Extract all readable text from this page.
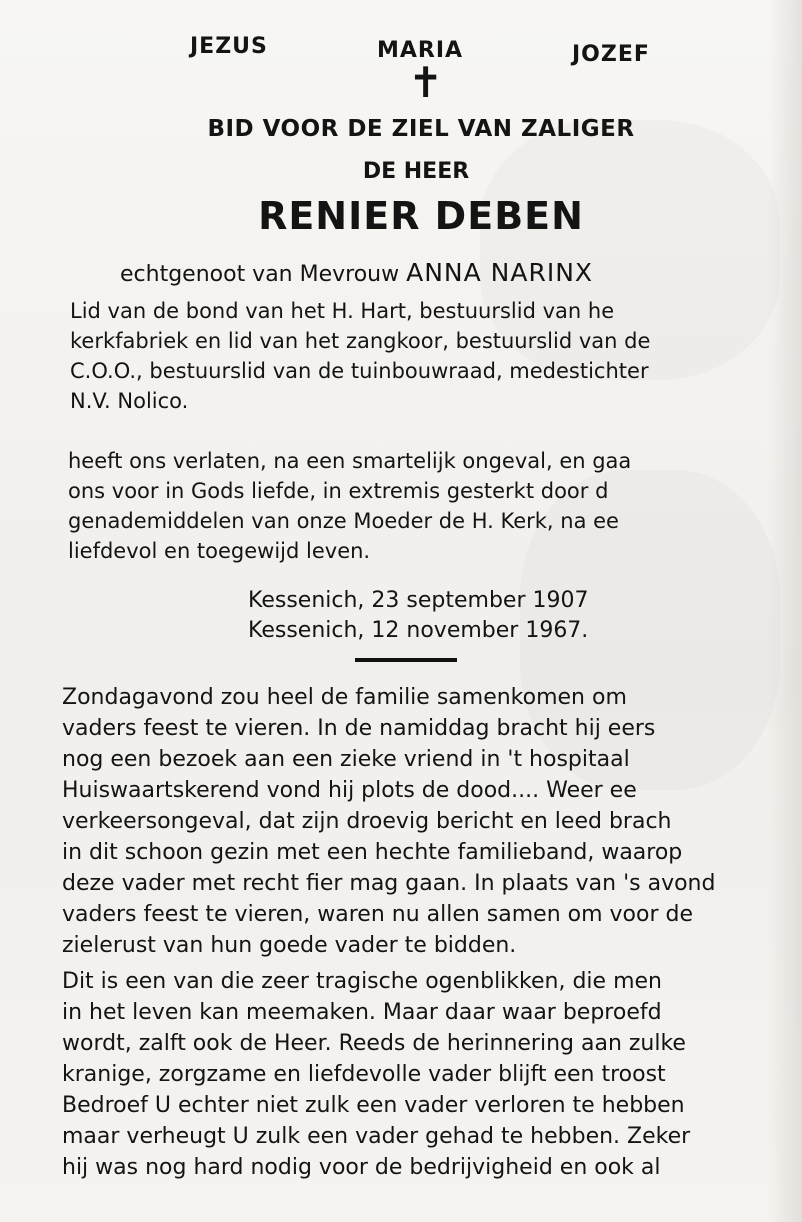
JEZUS	MARIA	JOZEF
✝
BID VOOR DE ZIEL VAN ZALIGER
DE HEER
RENIER DEBEN
echtgenoot van Mevrouw ANNA NARINX
Lid van de bond van het H. Hart, bestuurslid van he
kerkfabriek en lid van het zangkoor, bestuurslid van de
C.O.O., bestuurslid van de tuinbouwraad, medestichter
N.V. Nolico.
heeft ons verlaten, na een smartelijk ongeval, en gaa
ons voor in Gods liefde, in extremis gesterkt door d
genademiddelen van onze Moeder de H. Kerk, na ee
liefdevol en toegewijd leven.
Kessenich, 23 september 1907
Kessenich, 12 november 1967.
Zondagavond zou heel de familie samenkomen om
vaders feest te vieren. In de namiddag bracht hij eers
nog een bezoek aan een zieke vriend in 't hospitaal
Huiswaartskerend vond hij plots de dood.... Weer ee
verkeersongeval, dat zijn droevig bericht en leed brach
in dit schoon gezin met een hechte familieband, waarop
deze vader met recht fier mag gaan. In plaats van 's avond
vaders feest te vieren, waren nu allen samen om voor de
zielerust van hun goede vader te bidden.
Dit is een van die zeer tragische ogenblikken, die men
in het leven kan meemaken. Maar daar waar beproefd
wordt, zalft ook de Heer. Reeds de herinnering aan zulke
kranige, zorgzame en liefdevolle vader blijft een troost
Bedroef U echter niet zulk een vader verloren te hebben
maar verheugt U zulk een vader gehad te hebben. Zeker
hij was nog hard nodig voor de bedrijvigheid en ook al
